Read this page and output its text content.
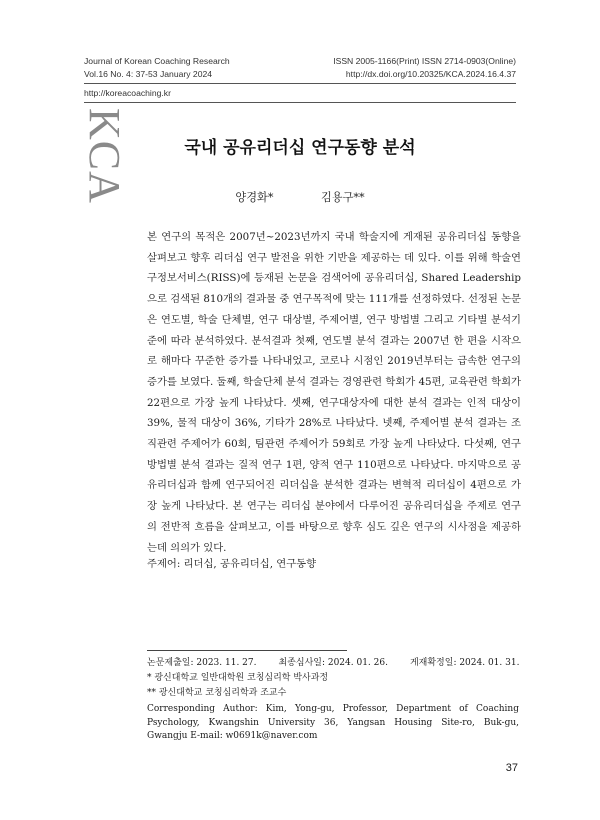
Journal of Korean Coaching Research
Vol.16 No. 4: 37-53 January 2024
ISSN 2005-1166(Print) ISSN 2714-0903(Online)
http://dx.doi.org/10.20325/KCA.2024.16.4.37
http://koreacoaching.kr
KCA	국내 공유리더십 연구동향 분석
양경화*	김용구**
본 연구의 목적은 2007년~2023년까지 국내 학술지에 게재된 공유리더십 동향을 살펴보고 향후 리더십 연구 발전을 위한 기반을 제공하는 데 있다. 이를 위해 학술연구정보서비스(RISS)에 등재된 논문을 검색어에 공유리더십, Shared Leadership으로 검색된 810개의 결과물 중 연구목적에 맞는 111개를 선정하였다. 선정된 논문은 연도별, 학술 단체별, 연구 대상별, 주제어별, 연구 방법별 그리고 기타별 분석기준에 따라 분석하였다. 분석결과 첫째, 연도별 분석 결과는 2007년 한 편을 시작으로 해마다 꾸준한 증가를 나타내었고, 코로나 시점인 2019년부터는 급속한 연구의 증가를 보였다. 둘째, 학술단체 분석 결과는 경영관련 학회가 45편, 교육관련 학회가 22편으로 가장 높게 나타났다. 셋째, 연구대상자에 대한 분석 결과는 인적 대상이 39%, 물적 대상이 36%, 기타가 28%로 나타났다. 넷째, 주제어별 분석 결과는 조직관련 주제어가 60회, 팀관련 주제어가 59회로 가장 높게 나타났다. 다섯째, 연구 방법별 분석 결과는 질적 연구 1편, 양적 연구 110편으로 나타났다. 마지막으로 공유리더십과 함께 연구되어진 리더십을 분석한 결과는 변혁적 리더십이 4편으로 가장 높게 나타났다. 본 연구는 리더십 분야에서 다루어진 공유리더십을 주제로 연구의 전반적 흐름을 살펴보고, 이를 바탕으로 향후 심도 깊은 연구의 시사점을 제공하는데 의의가 있다.
주제어: 리더십, 공유리더십, 연구동향
논문제출일: 2023. 11. 27. 최종심사일: 2024. 01. 26. 게재확정일: 2024. 01. 31.
* 광신대학교 일반대학원 코칭심리학 박사과정
** 광신대학교 코칭심리학과 조교수
Corresponding Author: Kim, Yong-gu, Professor, Department of Coaching Psychology, Kwangshin University 36, Yangsan Housing Site-ro, Buk-gu, Gwangju E-mail: w0691k@naver.com
37
